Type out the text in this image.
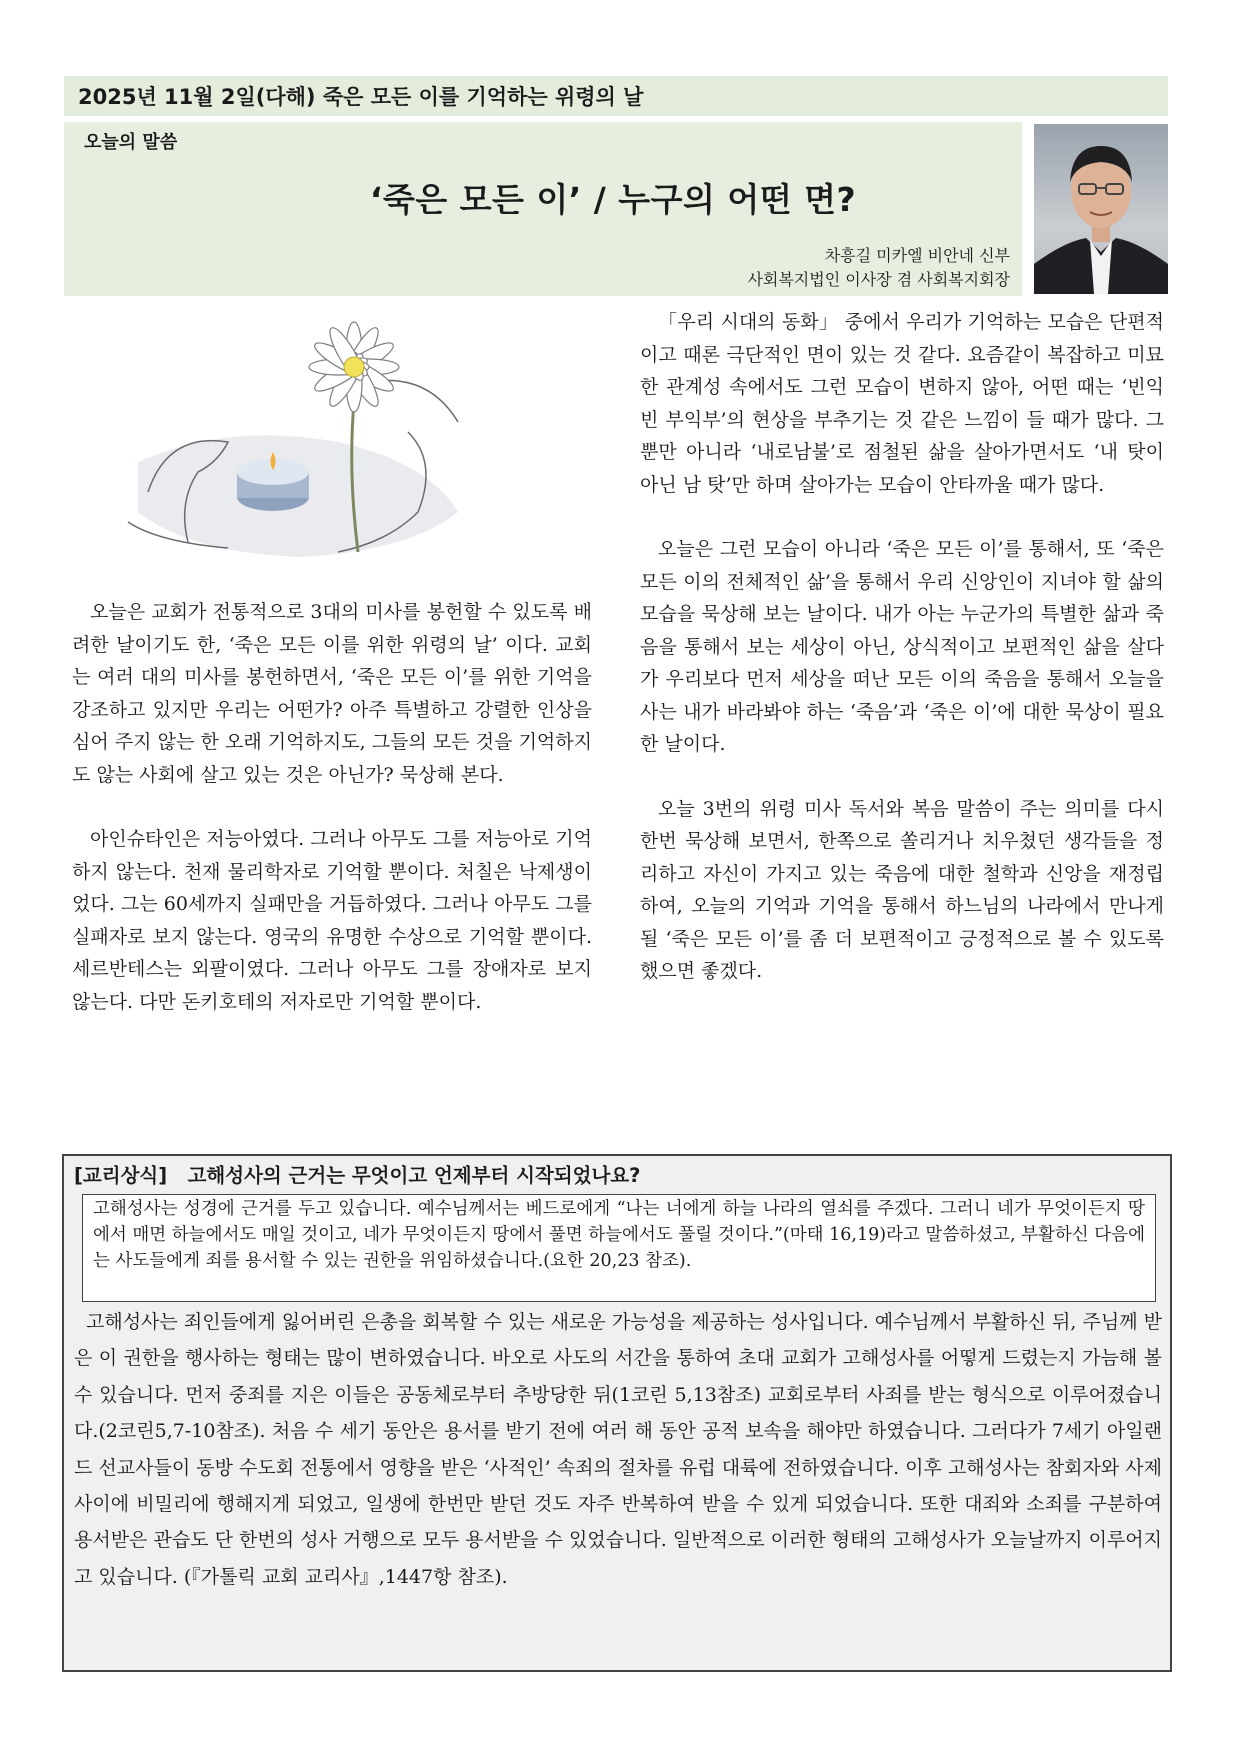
2025년 11월 2일(다해) 죽은 모든 이를 기억하는 위령의 날
오늘의 말씀
‘죽은 모든 이’ / 누구의 어떤 면?
차흥길 미카엘 비안네 신부
사회복지법인 이사장 겸 사회복지회장

오늘은 교회가 전통적으로 3대의 미사를 봉헌할 수 있도록 배려한 날이기도 한, ‘죽은 모든 이를 위한 위령의 날’ 이다. 교회는 여러 대의 미사를 봉헌하면서, ‘죽은 모든 이’를 위한 기억을 강조하고 있지만 우리는 어떤가? 아주 특별하고 강렬한 인상을 심어 주지 않는 한 오래 기억하지도, 그들의 모든 것을 기억하지도 않는 사회에 살고 있는 것은 아닌가? 묵상해 본다.

아인슈타인은 저능아였다. 그러나 아무도 그를 저능아로 기억하지 않는다. 천재 물리학자로 기억할 뿐이다. 처칠은 낙제생이었다. 그는 60세까지 실패만을 거듭하였다. 그러나 아무도 그를 실패자로 보지 않는다. 영국의 유명한 수상으로 기억할 뿐이다. 세르반테스는 외팔이였다. 그러나 아무도 그를 장애자로 보지 않는다. 다만 돈키호테의 저자로만 기억할 뿐이다.

「우리 시대의 동화」 중에서 우리가 기억하는 모습은 단편적이고 때론 극단적인 면이 있는 것 같다. 요즘같이 복잡하고 미묘한 관계성 속에서도 그런 모습이 변하지 않아, 어떤 때는 ‘빈익빈 부익부’의 현상을 부추기는 것 같은 느낌이 들 때가 많다. 그뿐만 아니라 ‘내로남불’로 점철된 삶을 살아가면서도 ‘내 탓이 아닌 남 탓’만 하며 살아가는 모습이 안타까울 때가 많다.

오늘은 그런 모습이 아니라 ‘죽은 모든 이’를 통해서, 또 ‘죽은 모든 이의 전체적인 삶’을 통해서 우리 신앙인이 지녀야 할 삶의 모습을 묵상해 보는 날이다. 내가 아는 누군가의 특별한 삶과 죽음을 통해서 보는 세상이 아닌, 상식적이고 보편적인 삶을 살다가 우리보다 먼저 세상을 떠난 모든 이의 죽음을 통해서 오늘을 사는 내가 바라봐야 하는 ‘죽음’과 ‘죽은 이’에 대한 묵상이 필요한 날이다.

오늘 3번의 위령 미사 독서와 복음 말씀이 주는 의미를 다시 한번 묵상해 보면서, 한쪽으로 쏠리거나 치우쳤던 생각들을 정리하고 자신이 가지고 있는 죽음에 대한 철학과 신앙을 재정립하여, 오늘의 기억과 기억을 통해서 하느님의 나라에서 만나게 될 ‘죽은 모든 이’를 좀 더 보편적이고 긍정적으로 볼 수 있도록 했으면 좋겠다.

[교리상식] 고해성사의 근거는 무엇이고 언제부터 시작되었나요?
고해성사는 성경에 근거를 두고 있습니다. 예수님께서는 베드로에게 “나는 너에게 하늘 나라의 열쇠를 주겠다. 그러니 네가 무엇이든지 땅에서 매면 하늘에서도 매일 것이고, 네가 무엇이든지 땅에서 풀면 하늘에서도 풀릴 것이다.”(마태 16,19)라고 말씀하셨고, 부활하신 다음에는 사도들에게 죄를 용서할 수 있는 권한을 위임하셨습니다.(요한 20,23 참조).
고해성사는 죄인들에게 잃어버린 은총을 회복할 수 있는 새로운 가능성을 제공하는 성사입니다. 예수님께서 부활하신 뒤, 주님께 받은 이 권한을 행사하는 형태는 많이 변하였습니다. 바오로 사도의 서간을 통하여 초대 교회가 고해성사를 어떻게 드렸는지 가늠해 볼 수 있습니다. 먼저 중죄를 지은 이들은 공동체로부터 추방당한 뒤(1코린 5,13참조) 교회로부터 사죄를 받는 형식으로 이루어졌습니다.(2코린5,7-10참조). 처음 수 세기 동안은 용서를 받기 전에 여러 해 동안 공적 보속을 해야만 하였습니다. 그러다가 7세기 아일랜드 선교사들이 동방 수도회 전통에서 영향을 받은 ‘사적인’ 속죄의 절차를 유럽 대륙에 전하였습니다. 이후 고해성사는 참회자와 사제 사이에 비밀리에 행해지게 되었고, 일생에 한번만 받던 것도 자주 반복하여 받을 수 있게 되었습니다. 또한 대죄와 소죄를 구분하여 용서받은 관습도 단 한번의 성사 거행으로 모두 용서받을 수 있었습니다. 일반적으로 이러한 형태의 고해성사가 오늘날까지 이루어지고 있습니다. (『가톨릭 교회 교리사』,1447항 참조).
